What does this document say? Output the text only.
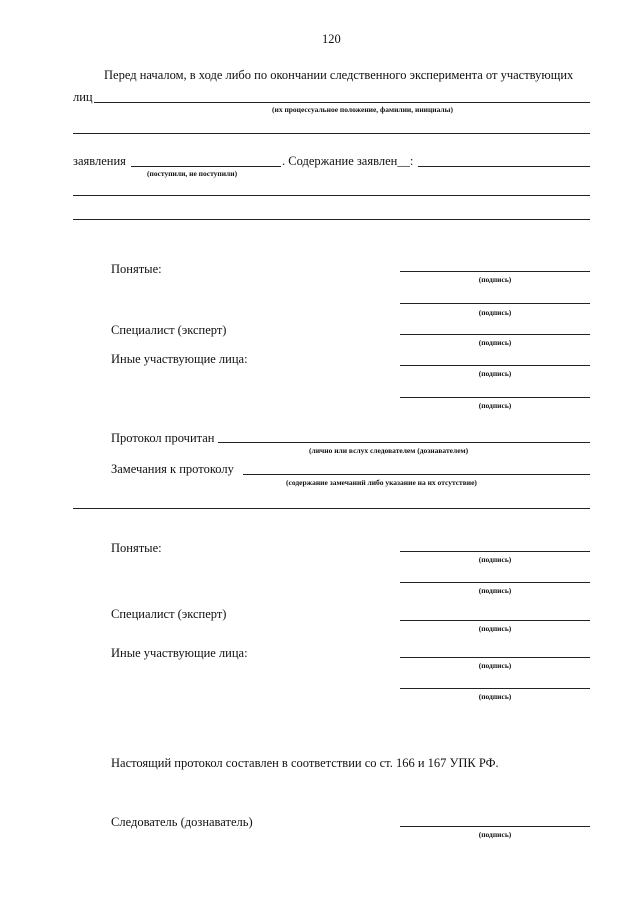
120
Перед началом, в ходе либо по окончании следственного эксперимента от участвующих
лиц
(их процессуальное положение, фамилии, инициалы)
заявления
(поступили, не поступили)
. Содержание заявлен__:
Понятые:
(подпись)
(подпись)
Специалист (эксперт)
(подпись)
Иные участвующие лица:
(подпись)
(подпись)
Протокол прочитан
(лично или вслух следователем (дознавателем)
Замечания к протоколу
(содержание замечаний либо указание на их отсутствие)
Понятые:
(подпись)
(подпись)
Специалист (эксперт)
(подпись)
Иные участвующие лица:
(подпись)
(подпись)
Настоящий протокол составлен в соответствии со ст. 166 и 167 УПК РФ.
Следователь (дознаватель)
(подпись)
